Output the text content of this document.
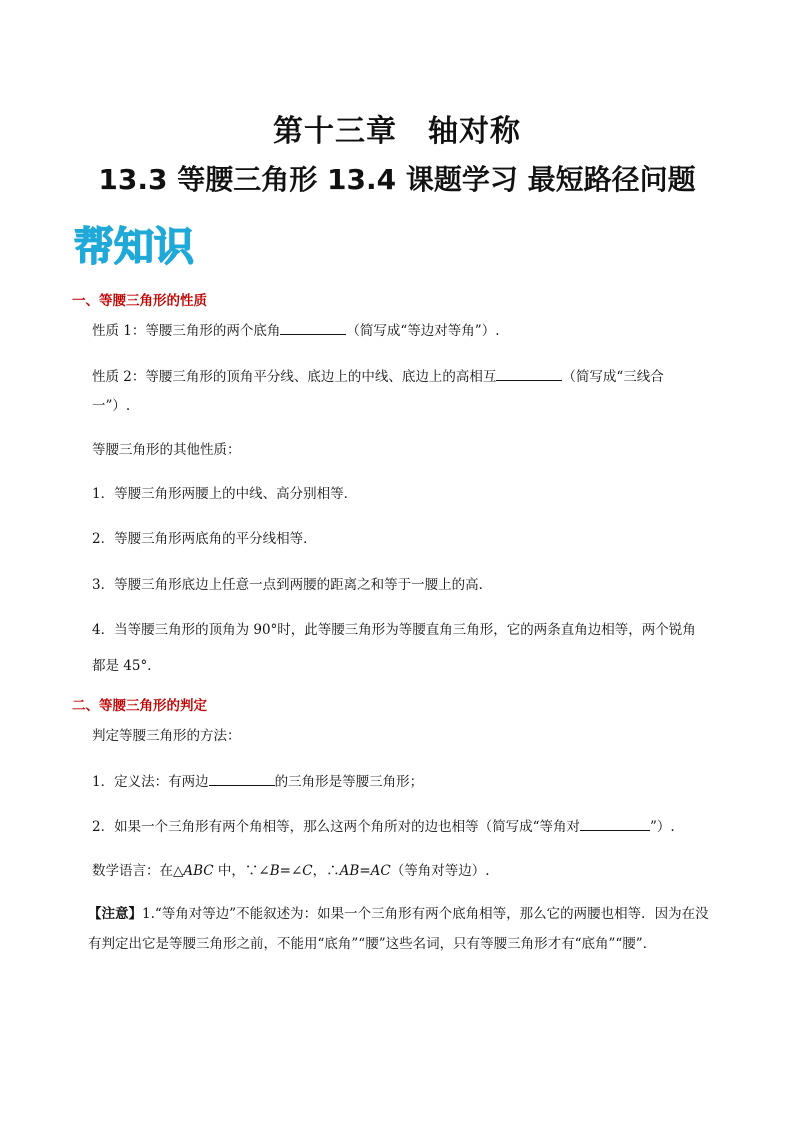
第十三章　轴对称
13.3 等腰三角形 13.4 课题学习 最短路径问题
帮知识
一、等腰三角形的性质
性质 1：等腰三角形的两个底角	（简写成“等边对等角”）.
性质 2：等腰三角形的顶角平分线、底边上的中线、底边上的高相互	（简写成“三线合
一”）.
等腰三角形的其他性质：
1．等腰三角形两腰上的中线、高分别相等．
2．等腰三角形两底角的平分线相等．
3．等腰三角形底边上任意一点到两腰的距离之和等于一腰上的高．
4．当等腰三角形的顶角为 90°时，此等腰三角形为等腰直角三角形，它的两条直角边相等，两个锐角都是 45°．
二、等腰三角形的判定
判定等腰三角形的方法：
1．定义法：有两边	的三角形是等腰三角形；
2．如果一个三角形有两个角相等，那么这两个角所对的边也相等（简写成“等角对	”）.
数学语言：在△ABC 中，∵∠B=∠C，∴AB=AC（等角对等边）.
【注意】1.“等角对等边”不能叙述为：如果一个三角形有两个底角相等，那么它的两腰也相等．因为在没有判定出它是等腰三角形之前，不能用“底角”“腰”这些名词，只有等腰三角形才有“底角”“腰”．
